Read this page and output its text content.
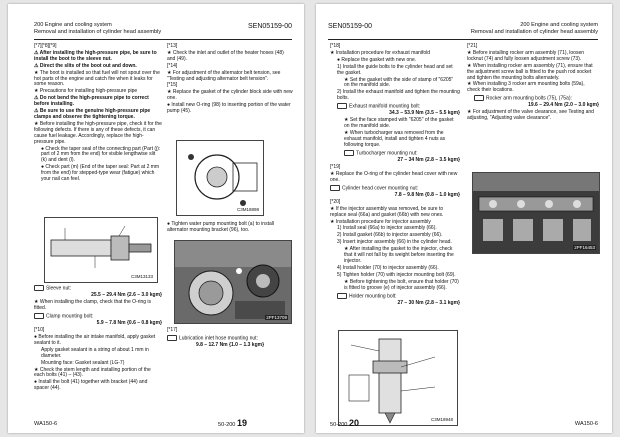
200 Engine and cooling system
Removal and installation of cylinder head assembly
SEN05159-00

[*7][*8][*9]

⚠ After installing the high-pressure pipe, be sure to install the boot to the sleeve nut.

⚠ Direct the slits of the boot out and down.

★ The boot is installed so that fuel will not spout over the hot parts of the engine and catch fire when it leaks for some reason.

★ Precautions for installing high-pressure pipe

⚠ Do not bend the high-pressure pipe to correct before installing.

⚠ Be sure to use the genuine high-pressure pipe clamps and observe the tightening torque.

★ Before installing the high-pressure pipe, check it for the following defects. If there is any of these defects, it can cause fuel leakage. Accordingly, replace the high-pressure pipe.

● Check the taper seal of the connecting part (Part (j): part of 2 mm from the end) for visible lengthwise slit (k) and dent (l).

● Check part (m) (End of the taper seal: Part at 2 mm from the end) for stepped-type wear (fatigue) which your nail can feel.

C3M13133

Sleeve nut:

25.5 – 29.4 Nm {2.6 – 3.0 kgm}

★ When installing the clamp, check that the O-ring is fitted.

Clamp mounting bolt:

5.9 – 7.8 Nm {0.6 – 0.8 kgm}

[*10]

● Before installing the air intake manifold, apply gasket sealant to it.

Apply gasket sealant in a string of about 1 mm in diameter.

Mounting face: Gasket sealant (LG-7)

★ Check the stem length and installing portion of the each bolts (41) – (43).

● Install the bolt (41) together with bracket (44) and spacer (44).

[*13]

★ Check the inlet and outlet of the heater hoses (48) and (49).

[*14]

★ For adjustment of the alternator belt tension, see "Testing and adjusting alternator belt tension".

[*15]

★ Replace the gasket of the cylinder block side with new one.

● Install new O-ring (98) to inserting portion of the water pump (45).

C3M18898

● Tighten water pump mounting bolt (a) to install alternator mounting bracket (96), too.

2PF13709

[*17]

Lubrication inlet hose mounting nut:

9.8 – 12.7 Nm {1.0 – 1.3 kgm}

WA150-6	50-200 19
SEN05159-00	200 Engine and cooling system
Removal and installation of cylinder head assembly

[*18]

★ Installation procedure for exhaust manifold

● Replace the gasket with new one.

1) Install the guide bolts to the cylinder head and set the gasket.

★ Set the gasket with the side of stamp of "6205" on the manifold side.

2) Install the exhaust manifold and tighten the mounting bolts.

Exhaust manifold mounting bolt:

34.3 – 53.9 Nm {3.5 – 5.5 kgm}

★ Set the face stamped with "6205" of the gasket on the manifold side.

★ When turbocharger was removed from the exhaust manifold, install and tighten 4 nuts as following torque.

Turbocharger mounting nut:

27 – 34 Nm {2.8 – 3.5 kgm}

[*19]

★ Replace the O-ring of the cylinder head cover with new one.

Cylinder head cover mounting nut:

7.8 – 9.8 Nm {0.8 – 1.0 kgm}

[*20]

★ If the injector assembly was removed, be sure to replace seal (66a) and gasket (66b) with new ones.

★ Installation procedure for injector assembly

1) Install seal (66a) to injector assembly (66).

2) Install gasket (66b) to injector assembly (66).

3) Insert injector assembly (66) in the cylinder head.

★ After installing the gasket to the injector, check that it will not fall by its weight before inserting the injector.

4) Install holder (70) to injector assembly (66).

5) Tighten holder (70) with injector mounting bolt (69).

★ Before tightening the bolt, ensure that holder (70) is fitted to groove (e) of injector assembly (66).

Holder mounting bolt:

27 – 30 Nm {2.8 – 3.1 kgm}

C3M18948

[*21]

★ Before installing rocker arm assembly (71), loosen locknut (74) and fully loosen adjustment screw (73).

★ When installing rocker arm assembly (71), ensure that the adjustment screw ball is fitted to the push rod socket and tighten the mounting bolts alternately.

★ When installing 3 rocker arm mounting bolts (59a), check their locations.

Rocker arm mounting bolts (75), (75a):

19.6 – 29.4 Nm {2.0 – 3.0 kgm}

★ For adjustment of the valve clearance, see Testing and adjusting, "Adjusting valve clearance".

2PF16453
50-200 20	WA150-6
